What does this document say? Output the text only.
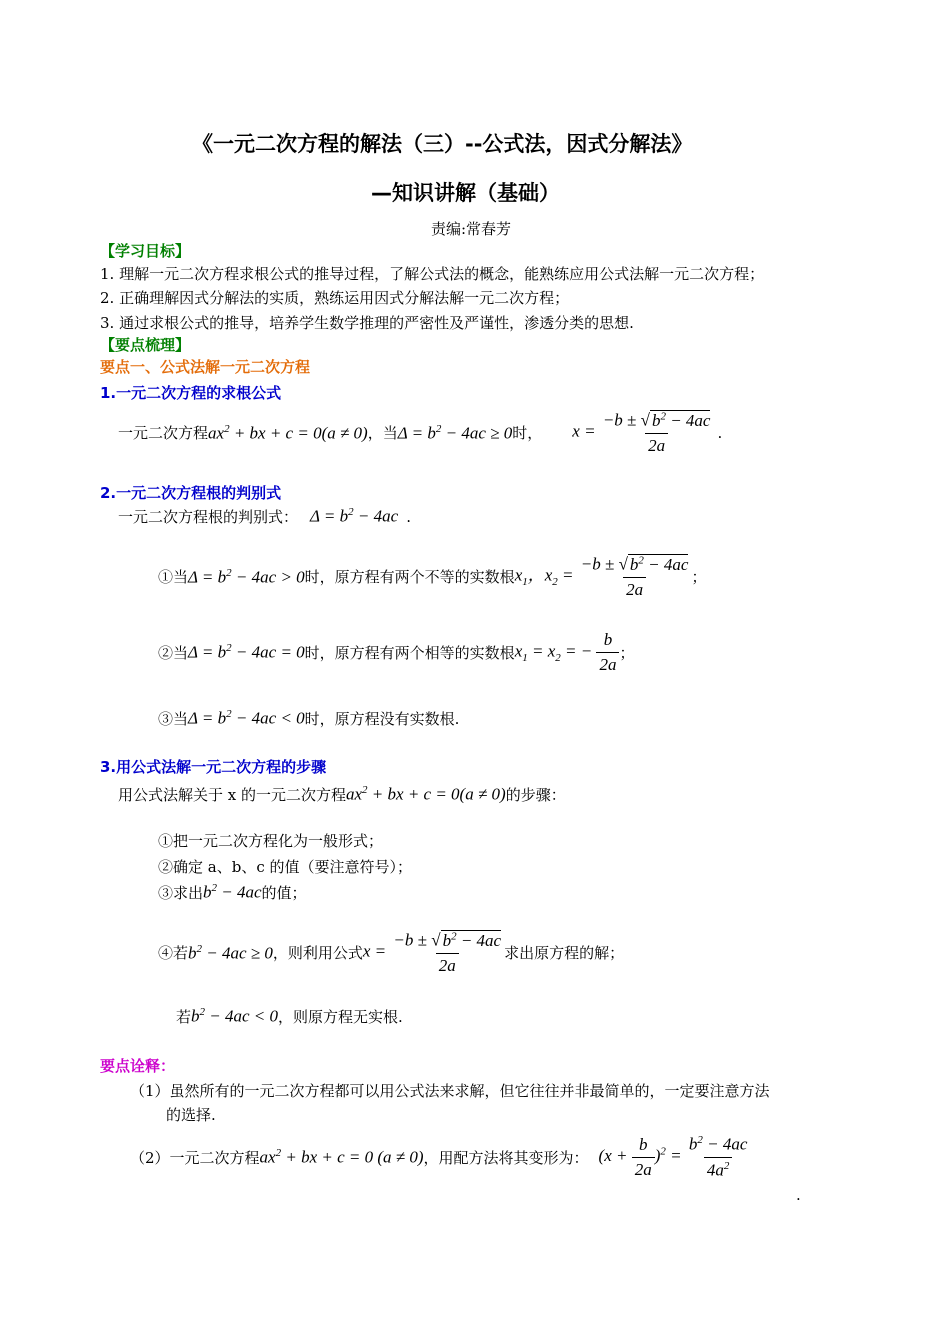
《一元二次方程的解法（三）--公式法，因式分解法》
—知识讲解（基础）
责编:常春芳
【学习目标】
1. 理解一元二次方程求根公式的推导过程，了解公式法的概念，能熟练应用公式法解一元二次方程；
2. 正确理解因式分解法的实质，熟练运用因式分解法解一元二次方程；
3. 通过求根公式的推导，培养学生数学推理的严密性及严谨性，渗透分类的思想.
【要点梳理】
要点一、公式法解一元二次方程
1.一元二次方程的求根公式
一元二次方程 $ax^2$ + bx + c = 0(a ≠ 0) ，当 $\Delta = b^2 - 4ac \ge 0$ 时， $x = \frac{-b \pm √ b^2 - 4ac}{2a}$ .
2.一元二次方程根的判别式
一元二次方程根的判别式： $\Delta = b^2 - 4ac$ .
①当 $\Delta = b^2 - 4ac > 0$ 时，原方程有两个不等的实数根 $x_1$，$x_2 = \frac{-b \pm √ b^2 - 4ac}{2a}$ ；
②当 $\Delta = b^2 - 4ac = 0$ 时，原方程有两个相等的实数根 $x_1 = x_2$ = − $\frac{b}{2a}$ ；
③当 $\Delta = b^2 - 4ac < 0$ 时，原方程没有实数根.
3.用公式法解一元二次方程的步骤
用公式法解关于 x 的一元二次方程 $ax^2$ + bx + c = 0(a ≠ 0) 的步骤：
①把一元二次方程化为一般形式；
②确定 a、b、c 的值（要注意符号）；
③求出 $b^2 - 4ac$ 的值；
④若 $b^2 - 4ac \ge 0$ ，则利用公式 $x = \frac{-b \pm √ b^2 - 4ac}{2a}$ 求出原方程的解；
若 $b^2 - 4ac < 0$ ，则原方程无实根.
要点诠释：
（1）虽然所有的一元二次方程都可以用公式法来求解，但它往往并非最简单的，一定要注意方法
的选择.
（2）一元二次方程 $ax^2$ + bx + c = 0 (a ≠ 0) ，用配方法将其变形为： $(x + \frac{b}{2a} )^2 = \frac{b^2 - 4ac}{4a^2}$
.
